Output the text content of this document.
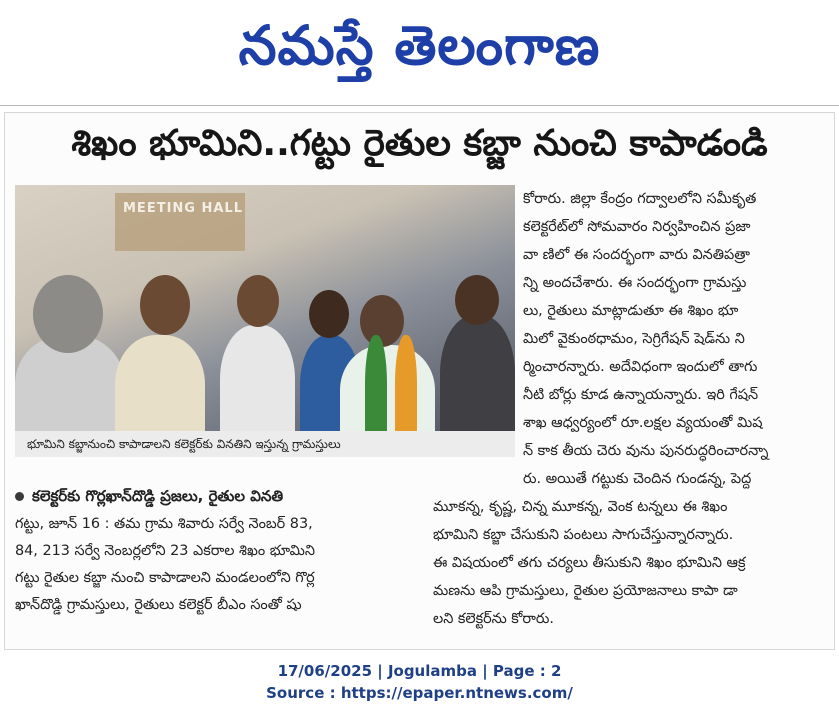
నమస్తే తెలంగాణ
శిఖం భూమిని..గట్టు రైతుల కబ్జా నుంచి కాపాడండి
MEETING HALL
భూమిని కబ్జానుంచి కాపాడాలని కలెక్టర్‌కు వినతిని ఇస్తున్న గ్రామస్తులు
కోరారు. జిల్లా కేంద్రం గద్వాలలోని సమీకృత
కలెక్టరేట్‌లో సోమవారం నిర్వహించిన ప్రజా
వా ణిలో ఈ సందర్భంగా వారు వినతిపత్రా
న్ని అందచేశారు. ఈ సందర్భంగా గ్రామస్తు
లు, రైతులు మాట్లాడుతూ ఈ శిఖం భూ
మిలో వైకుంఠధామం, సెగ్రిగేషన్ షెడ్‌ను ని
ర్మించారన్నారు. అదేవిధంగా ఇందులో తాగు
నీటి బోర్లు కూడ ఉన్నాయన్నారు. ఇరి గేషన్
శాఖ ఆధ్వర్యంలో రూ.లక్షల వ్యయంతో మిష
న్ కాక తీయ చెరు వును పునరుద్ధరించారన్నా
రు. అయితే గట్టుకు చెందిన గుండన్న, పెద్ద
కలెక్టర్‌కు గొర్లఖాన్‌దొడ్డి ప్రజలు, రైతుల వినతి
గట్టు, జూన్ 16 : తమ గ్రామ శివారు సర్వే నెంబర్ 83,
84, 213 సర్వే నెంబర్లలోని 23 ఎకరాల శిఖం భూమిని
గట్టు రైతుల కబ్జా నుంచి కాపాడాలని మండలంలోని గొర్ల
ఖాన్‌దొడ్డి గ్రామస్తులు, రైతులు కలెక్టర్ బీఎం సంతో షు
మూకన్న, కృష్ణ, చిన్న మూకన్న, వెంక టన్నలు ఈ శిఖం
భూమిని కబ్జా చేసుకుని పంటలు సాగుచేస్తున్నారన్నారు.
ఈ విషయంలో తగు చర్యలు తీసుకుని శిఖం భూమిని ఆక్ర
మణను ఆపి గ్రామస్తులు, రైతుల ప్రయోజనాలు కాపా డా
లని కలెక్టర్‌ను కోరారు.
17/06/2025 | Jogulamba | Page : 2
Source : https://epaper.ntnews.com/
